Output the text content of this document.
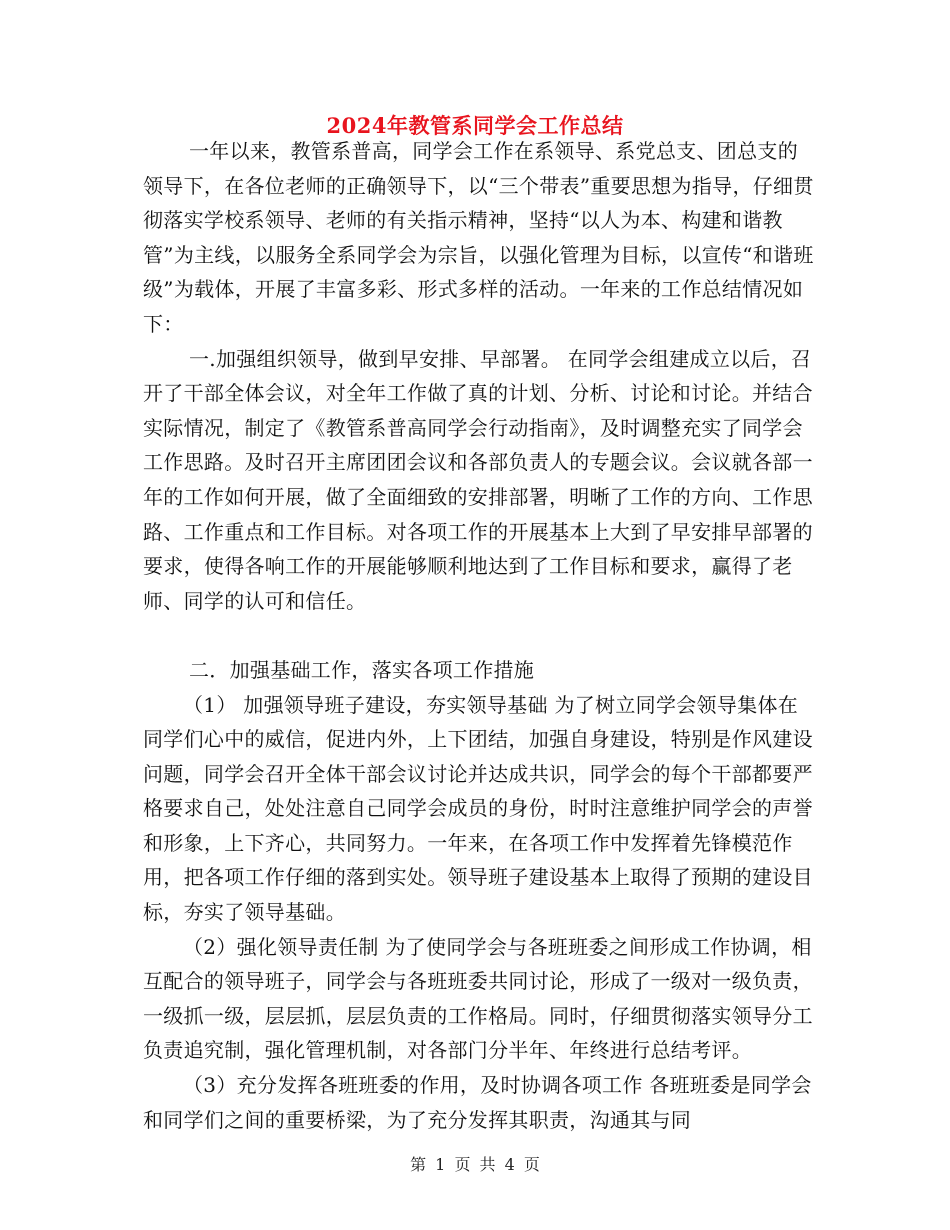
2024年教管系同学会工作总结

一年以来，教管系普高，同学会工作在系领导、系党总支、团总支的领导下，在各位老师的正确领导下，以“三个带表”重要思想为指导，仔细贯彻落实学校系领导、老师的有关指示精神，坚持“以人为本、构建和谐教管”为主线，以服务全系同学会为宗旨，以强化管理为目标，以宣传“和谐班级”为载体，开展了丰富多彩、形式多样的活动。一年来的工作总结情况如下：

一.加强组织领导，做到早安排、早部署。 在同学会组建成立以后，召开了干部全体会议，对全年工作做了真的计划、分析、讨论和讨论。并结合实际情况，制定了《教管系普高同学会行动指南》，及时调整充实了同学会工作思路。及时召开主席团团会议和各部负责人的专题会议。会议就各部一年的工作如何开展，做了全面细致的安排部署，明晰了工作的方向、工作思路、工作重点和工作目标。对各项工作的开展基本上大到了早安排早部署的要求，使得各响工作的开展能够顺利地达到了工作目标和要求，赢得了老师、同学的认可和信任。

二．加强基础工作，落实各项工作措施

（1） 加强领导班子建设，夯实领导基础 为了树立同学会领导集体在同学们心中的威信，促进内外，上下团结，加强自身建设，特别是作风建设问题，同学会召开全体干部会议讨论并达成共识，同学会的每个干部都要严格要求自己，处处注意自己同学会成员的身份，时时注意维护同学会的声誉和形象，上下齐心，共同努力。一年来，在各项工作中发挥着先锋模范作用，把各项工作仔细的落到实处。领导班子建设基本上取得了预期的建设目标，夯实了领导基础。

（2）强化领导责任制 为了使同学会与各班班委之间形成工作协调，相互配合的领导班子，同学会与各班班委共同讨论，形成了一级对一级负责，一级抓一级，层层抓，层层负责的工作格局。同时，仔细贯彻落实领导分工负责追究制，强化管理机制，对各部门分半年、年终进行总结考评。

（3）充分发挥各班班委的作用，及时协调各项工作 各班班委是同学会和同学们之间的重要桥梁，为了充分发挥其职责，沟通其与同

第 1 页 共 4 页
